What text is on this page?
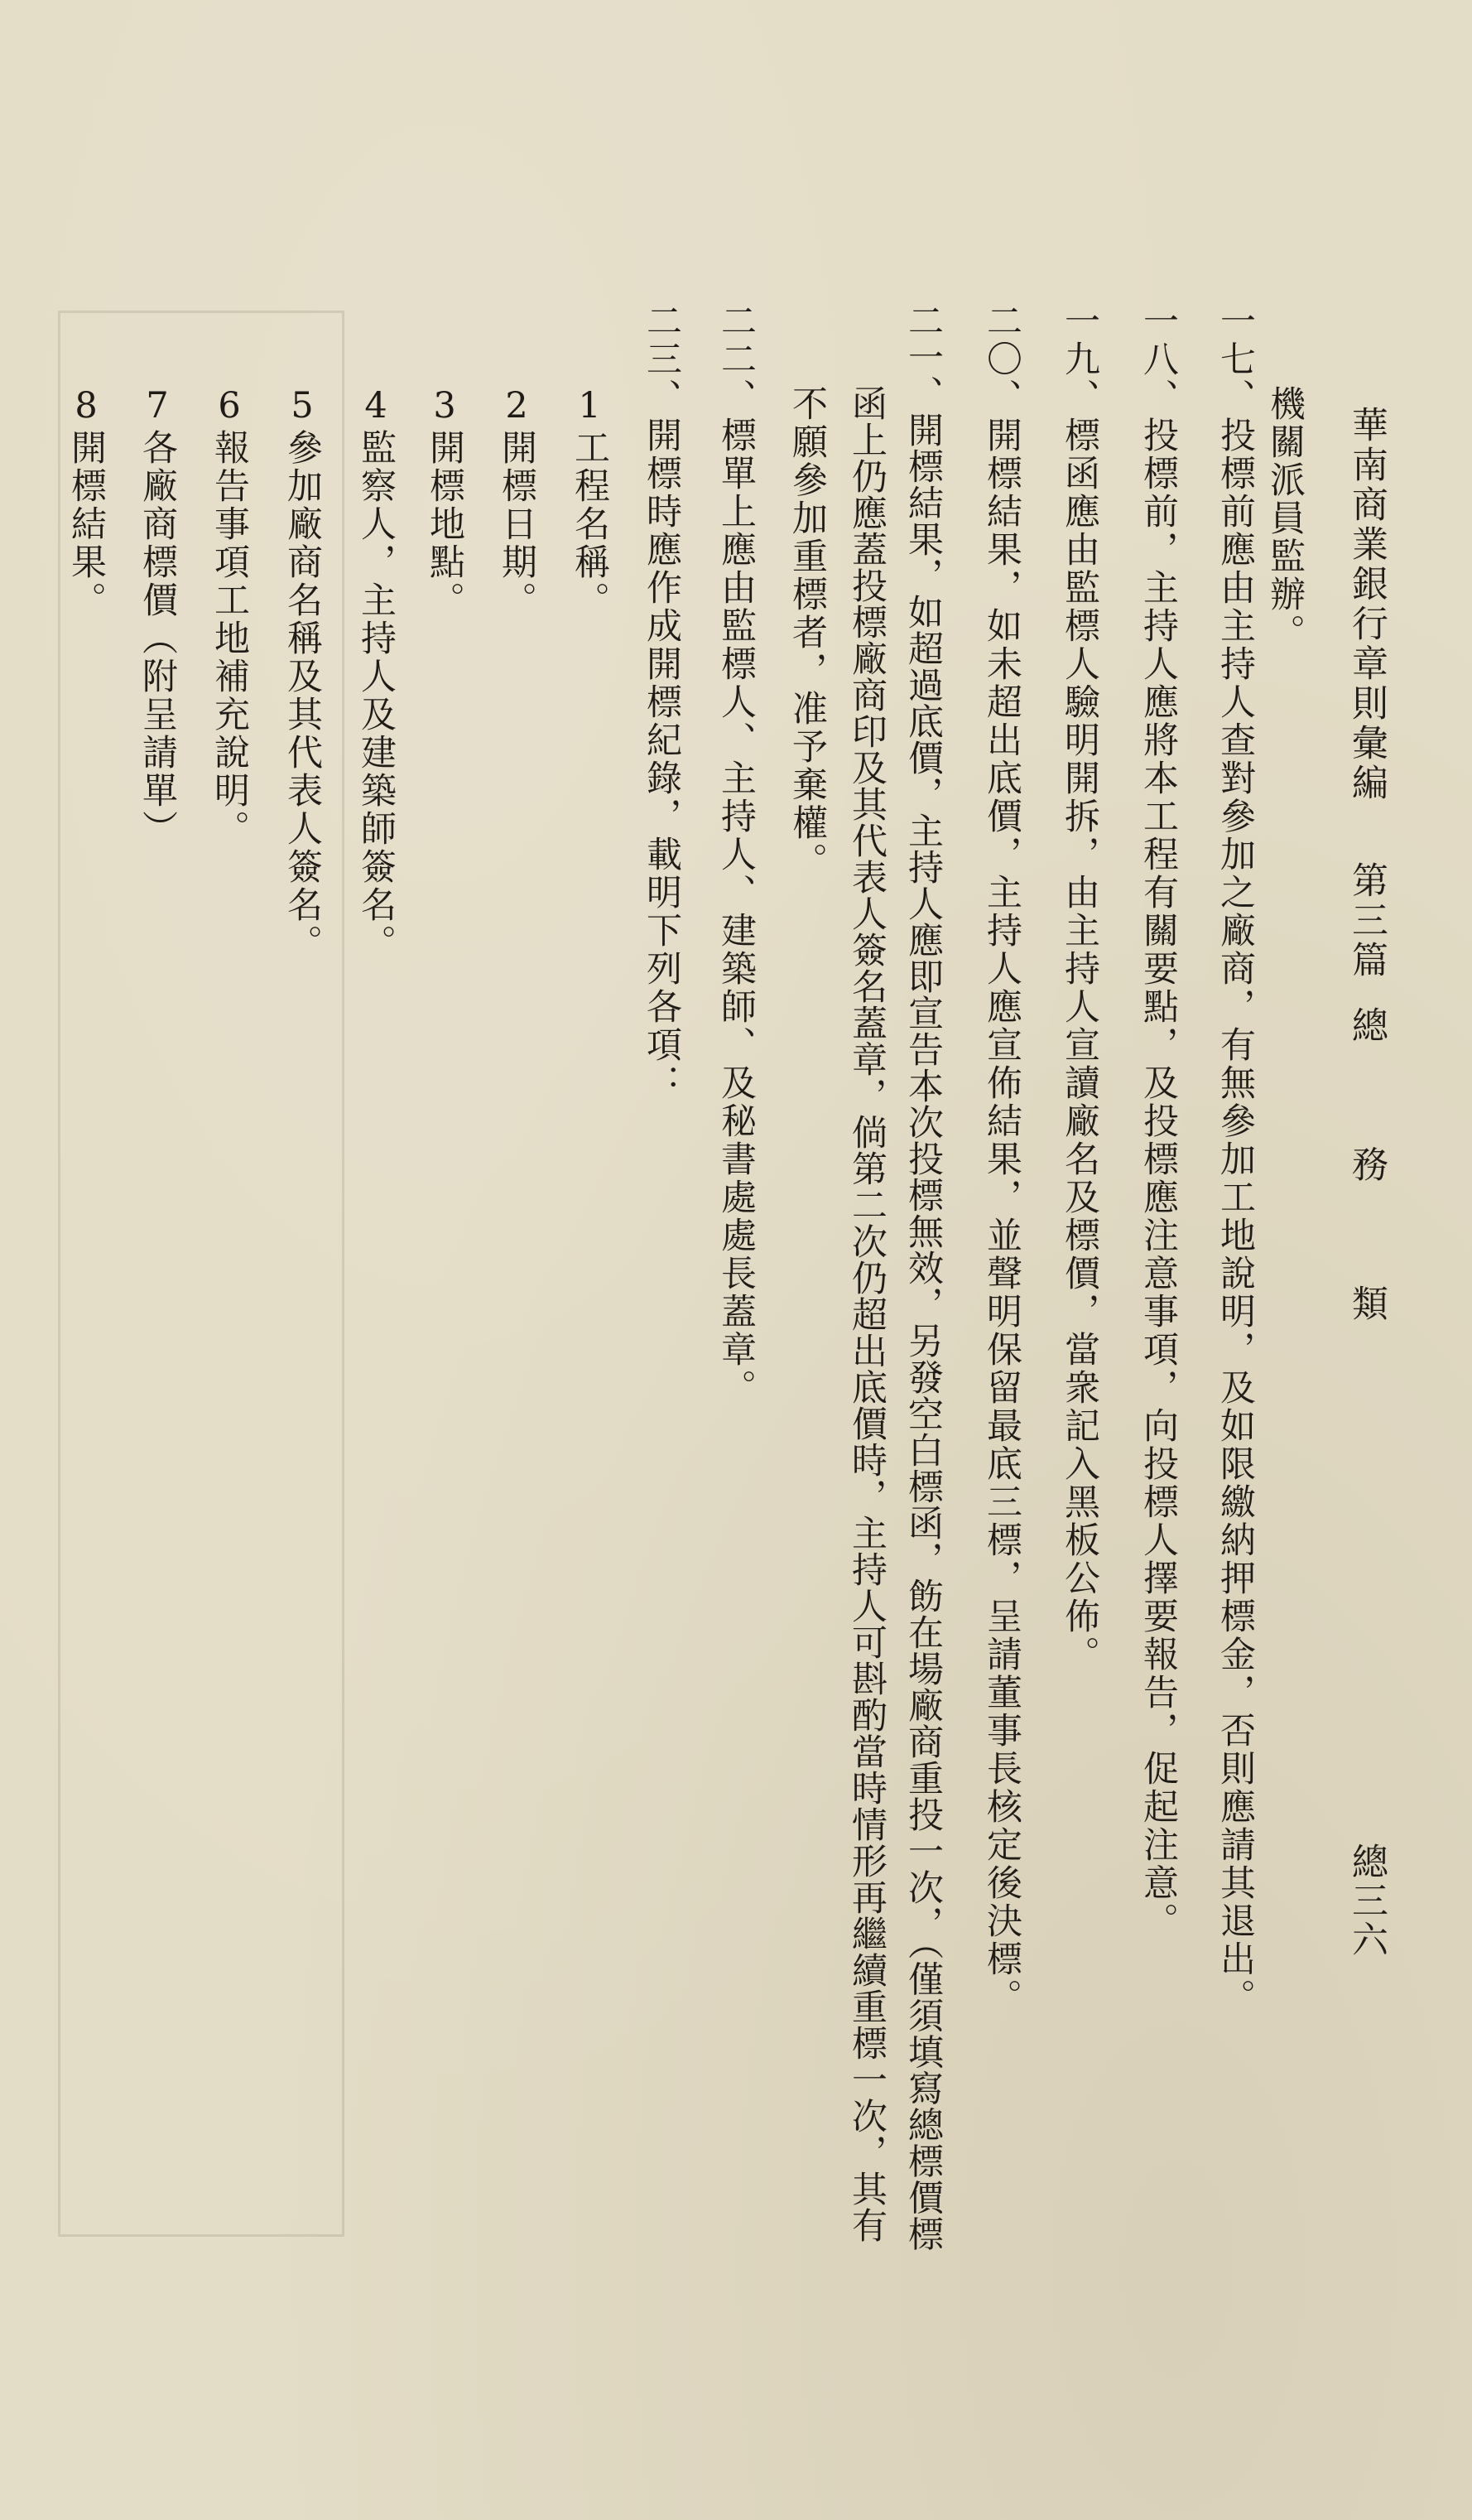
華南商業銀行章則彙編
第三篇
總　務　類
總三六
機關派員監辦。
一七、投標前應由主持人查對參加之廠商，有無參加工地說明，及如限繳納押標金，否則應請其退出。
一八、投標前，主持人應將本工程有關要點，及投標應注意事項，向投標人擇要報告，促起注意。
一九、標函應由監標人驗明開拆，由主持人宣讀廠名及標價，當衆記入黑板公佈。
二〇、開標結果，如未超出底價，主持人應宣佈結果，並聲明保留最底三標，呈請董事長核定後決標。
二一、開標結果，如超過底價，主持人應即宣告本次投標無效，另發空白標函，飭在場廠商重投一次，（僅須填寫總標價標
函上仍應蓋投標廠商印及其代表人簽名蓋章，倘第二次仍超出底價時，主持人可斟酌當時情形再繼續重標一次，其有
不願參加重標者，准予棄權。
二二、標單上應由監標人、主持人、建築師、及秘書處處長蓋章。
二三、開標時應作成開標紀錄，載明下列各項：
1工程名稱。
2開標日期。
3開標地點。
4監察人，主持人及建築師簽名。
5參加廠商名稱及其代表人簽名。
6報告事項工地補充說明。
7各廠商標價（附呈請單）
8開標結果。
